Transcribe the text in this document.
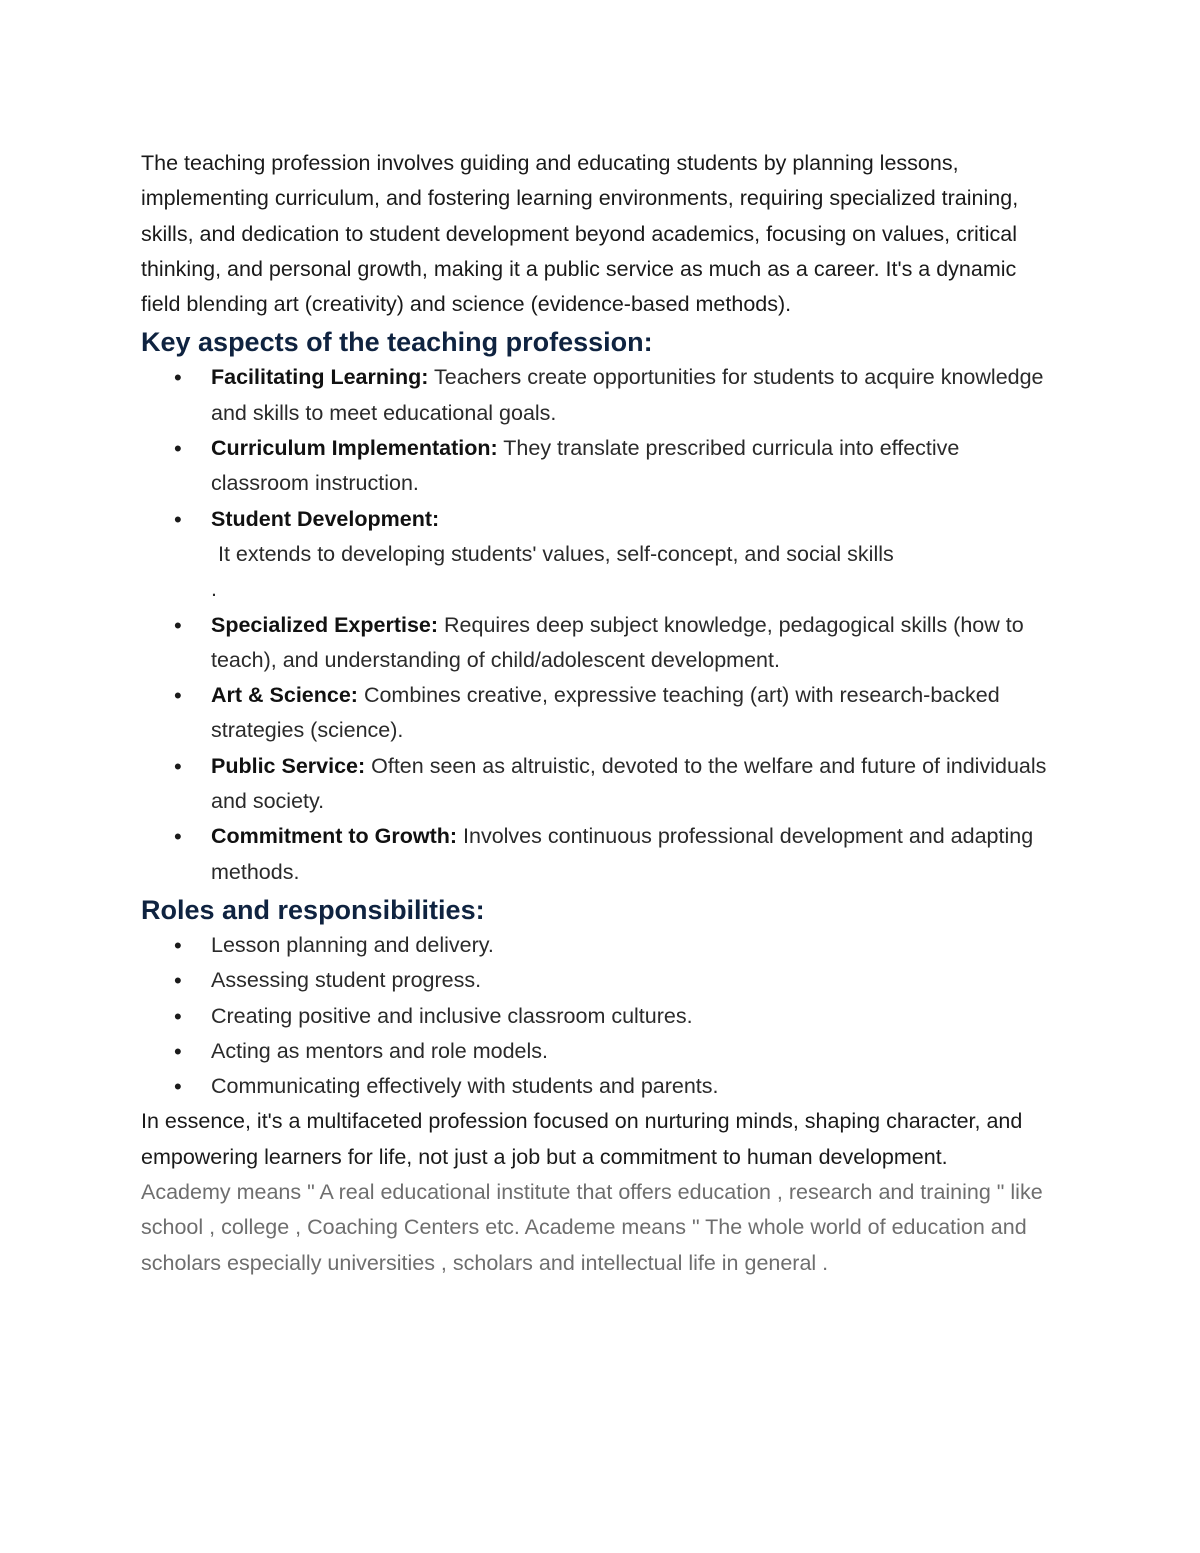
The teaching profession involves guiding and educating students by planning lessons, implementing curriculum, and fostering learning environments, requiring specialized training, skills, and dedication to student development beyond academics, focusing on values, critical thinking, and personal growth, making it a public service as much as a career. It's a dynamic field blending art (creativity) and science (evidence-based methods).

Key aspects of the teaching profession:
• Facilitating Learning: Teachers create opportunities for students to acquire knowledge and skills to meet educational goals.
• Curriculum Implementation: They translate prescribed curricula into effective classroom instruction.
• Student Development:
It extends to developing students' values, self-concept, and social skills
.
• Specialized Expertise: Requires deep subject knowledge, pedagogical skills (how to teach), and understanding of child/adolescent development.
• Art & Science: Combines creative, expressive teaching (art) with research-backed strategies (science).
• Public Service: Often seen as altruistic, devoted to the welfare and future of individuals and society.
• Commitment to Growth: Involves continuous professional development and adapting methods.
Roles and responsibilities:
• Lesson planning and delivery.
• Assessing student progress.
• Creating positive and inclusive classroom cultures.
• Acting as mentors and role models.
• Communicating effectively with students and parents.

In essence, it's a multifaceted profession focused on nurturing minds, shaping character, and empowering learners for life, not just a job but a commitment to human development.

Academy means " A real educational institute that offers education , research and training " like school , college , Coaching Centers etc. Academe means " The whole world of education and scholars especially universities , scholars and intellectual life in general .
